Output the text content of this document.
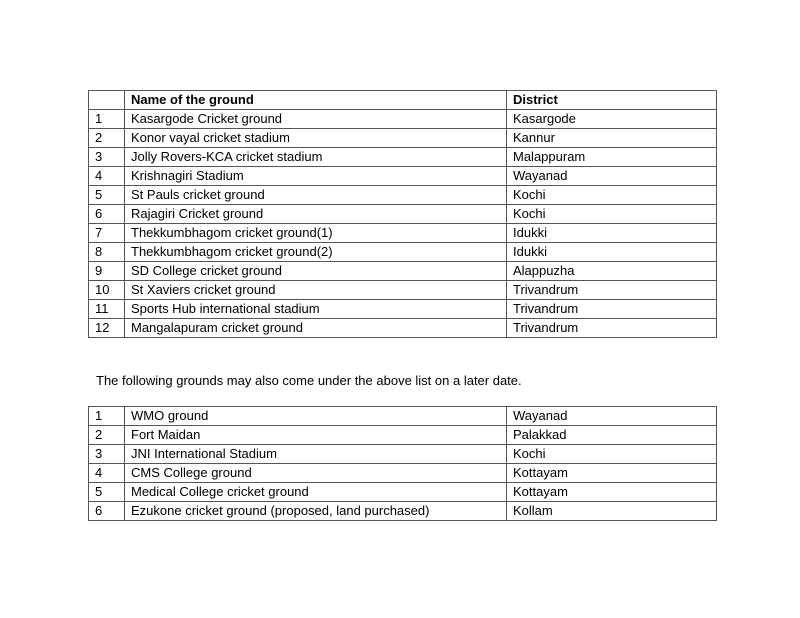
	Name of the ground	District
1	Kasargode Cricket ground	Kasargode
2	Konor vayal cricket stadium	Kannur
3	Jolly Rovers-KCA cricket stadium	Malappuram
4	Krishnagiri Stadium	Wayanad
5	St Pauls cricket ground	Kochi
6	Rajagiri Cricket ground	Kochi
7	Thekkumbhagom cricket ground(1)	Idukki
8	Thekkumbhagom cricket ground(2)	Idukki
9	SD College cricket ground	Alappuzha
10	St Xaviers cricket ground	Trivandrum
11	Sports Hub international stadium	Trivandrum
12	Mangalapuram cricket ground	Trivandrum
The following grounds may also come under the above list on a later date.
1	WMO ground	Wayanad
2	Fort Maidan	Palakkad
3	JNI International Stadium	Kochi
4	CMS College ground	Kottayam
5	Medical College cricket ground	Kottayam
6	Ezukone cricket ground (proposed, land purchased)	Kollam
